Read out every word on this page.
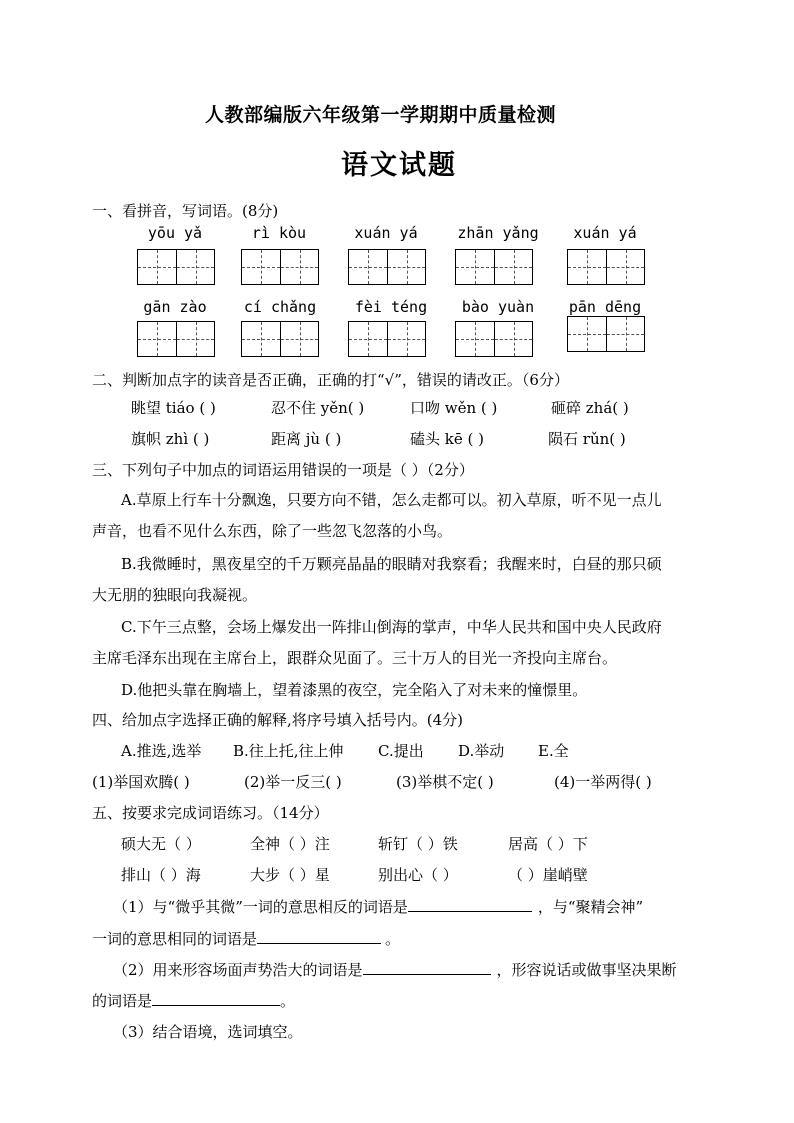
人教部编版六年级第一学期期中质量检测
语文试题
一、看拼音，写词语。(8分)
yōu yǎ	rì kòu	xuán yá	zhān yǎng	xuán yá
gān zào	cí chǎng	fèi téng	bào yuàn	pān dēng
二、判断加点字的读音是否正确，正确的打“√”，错误的请改正。（6分）
眺望 tiáo ( )	忍不住 yěn( )	口吻 wěn ( )	砸碎 zhá( )
旗帜 zhì ( )	距离 jù ( )	磕头 kē ( )	陨石 rǔn( )
三、下列句子中加点的词语运用错误的一项是（ ）（2分）
A.草原上行车十分飘逸，只要方向不错，怎么走都可以。初入草原，听不见一点儿
声音，也看不见什么东西，除了一些忽飞忽落的小鸟。
B.我微睡时，黑夜星空的千万颗亮晶晶的眼睛对我察看；我醒来时，白昼的那只硕
大无朋的独眼向我凝视。
C.下午三点整，会场上爆发出一阵排山倒海的掌声，中华人民共和国中央人民政府
主席毛泽东出现在主席台上，跟群众见面了。三十万人的目光一齐投向主席台。
D.他把头靠在胸墙上，望着漆黑的夜空，完全陷入了对未来的憧憬里。
四、给加点字选择正确的解释,将序号填入括号内。(4分)
A.推选,选举 B.往上托,往上伸 C.提出 D.举动 E.全
(1)举国欢腾( )	(2)举一反三( )	(3)举棋不定( )	(4)一举两得( )
五、按要求完成词语练习。（14分）
硕大无（ ）	全神（ ）注	斩钉（ ）铁	居高（ ）下
排山（ ）海	大步（ ）星	别出心（ ）	（ ）崖峭壁
（1）与“微乎其微”一词的意思相反的词语是	，与“聚精会神”
一词的意思相同的词语是	。
（2）用来形容场面声势浩大的词语是	，形容说话或做事坚决果断
的词语是	。
（3）结合语境，选词填空。
